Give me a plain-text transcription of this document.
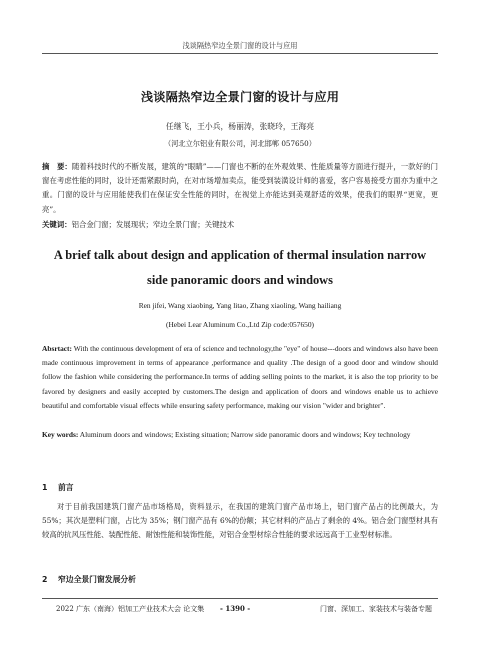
浅谈隔热窄边全景门窗的设计与应用
浅谈隔热窄边全景门窗的设计与应用
任继飞，王小兵，杨丽涛，张晓玲，王海亮
（河北立尔铝业有限公司，河北邯郸 057650）
摘　要：随着科技时代的不断发展，建筑的“眼睛”——门窗也不断的在外观效果、性能质量等方面进行提升，一款好的门窗在考虑性能的同时，设计还需紧跟时尚，在对市场增加卖点，能受到装潢设计师的喜爱，客户容易接受方面亦为重中之重。门窗的设计与应用能使我们在保证安全性能的同时，在视觉上亦能达到美观舒适的效果，使我们的眼界“更宽，更亮”。
关键词：铝合金门窗；发展现状；窄边全景门窗；关键技术
A brief talk about design and application of thermal insulation narrow
side panoramic doors and windows
Ren jifei, Wang xiaobing, Yang litao, Zhang xiaoling, Wang hailiang
(Hebei Lear Aluminum Co.,Ltd Zip code:057650)
Absrtact: With the continuous development of era of science and technology,the "eye" of house---doors and windows also have been made continuous improvement in terms of appearance ,performance and quality .The design of a good door and window should follow the fashion while considering the performance.In terms of adding selling points to the market, it is also the top priority to be favored by designers and easily accepted by customers.The design and application of doors and windows enable us to achieve beautiful and comfortable visual effects while ensuring safety performance, making our vision "wider and brighter".
Key words: Aluminum doors and windows; Existing situation; Narrow side panoramic doors and windows; Key technology
1 前言
对于目前我国建筑门窗产品市场格局，资料显示，在我国的建筑门窗产品市场上，铝门窗产品占的比例最大，为 55%；其次是塑料门窗，占比为 35%；钢门窗产品有 6%的份额；其它材料的产品占了剩余的 4%。铝合金门窗型材具有较高的抗风压性能、装配性能、耐蚀性能和装饰性能，对铝合金型材综合性能的要求远远高于工业型材标准。
2 窄边全景门窗发展分析
2022 广东（南海）铝加工产业技术大会 论文集 - 1390 -	门窗、深加工、家装技术与装备专题
